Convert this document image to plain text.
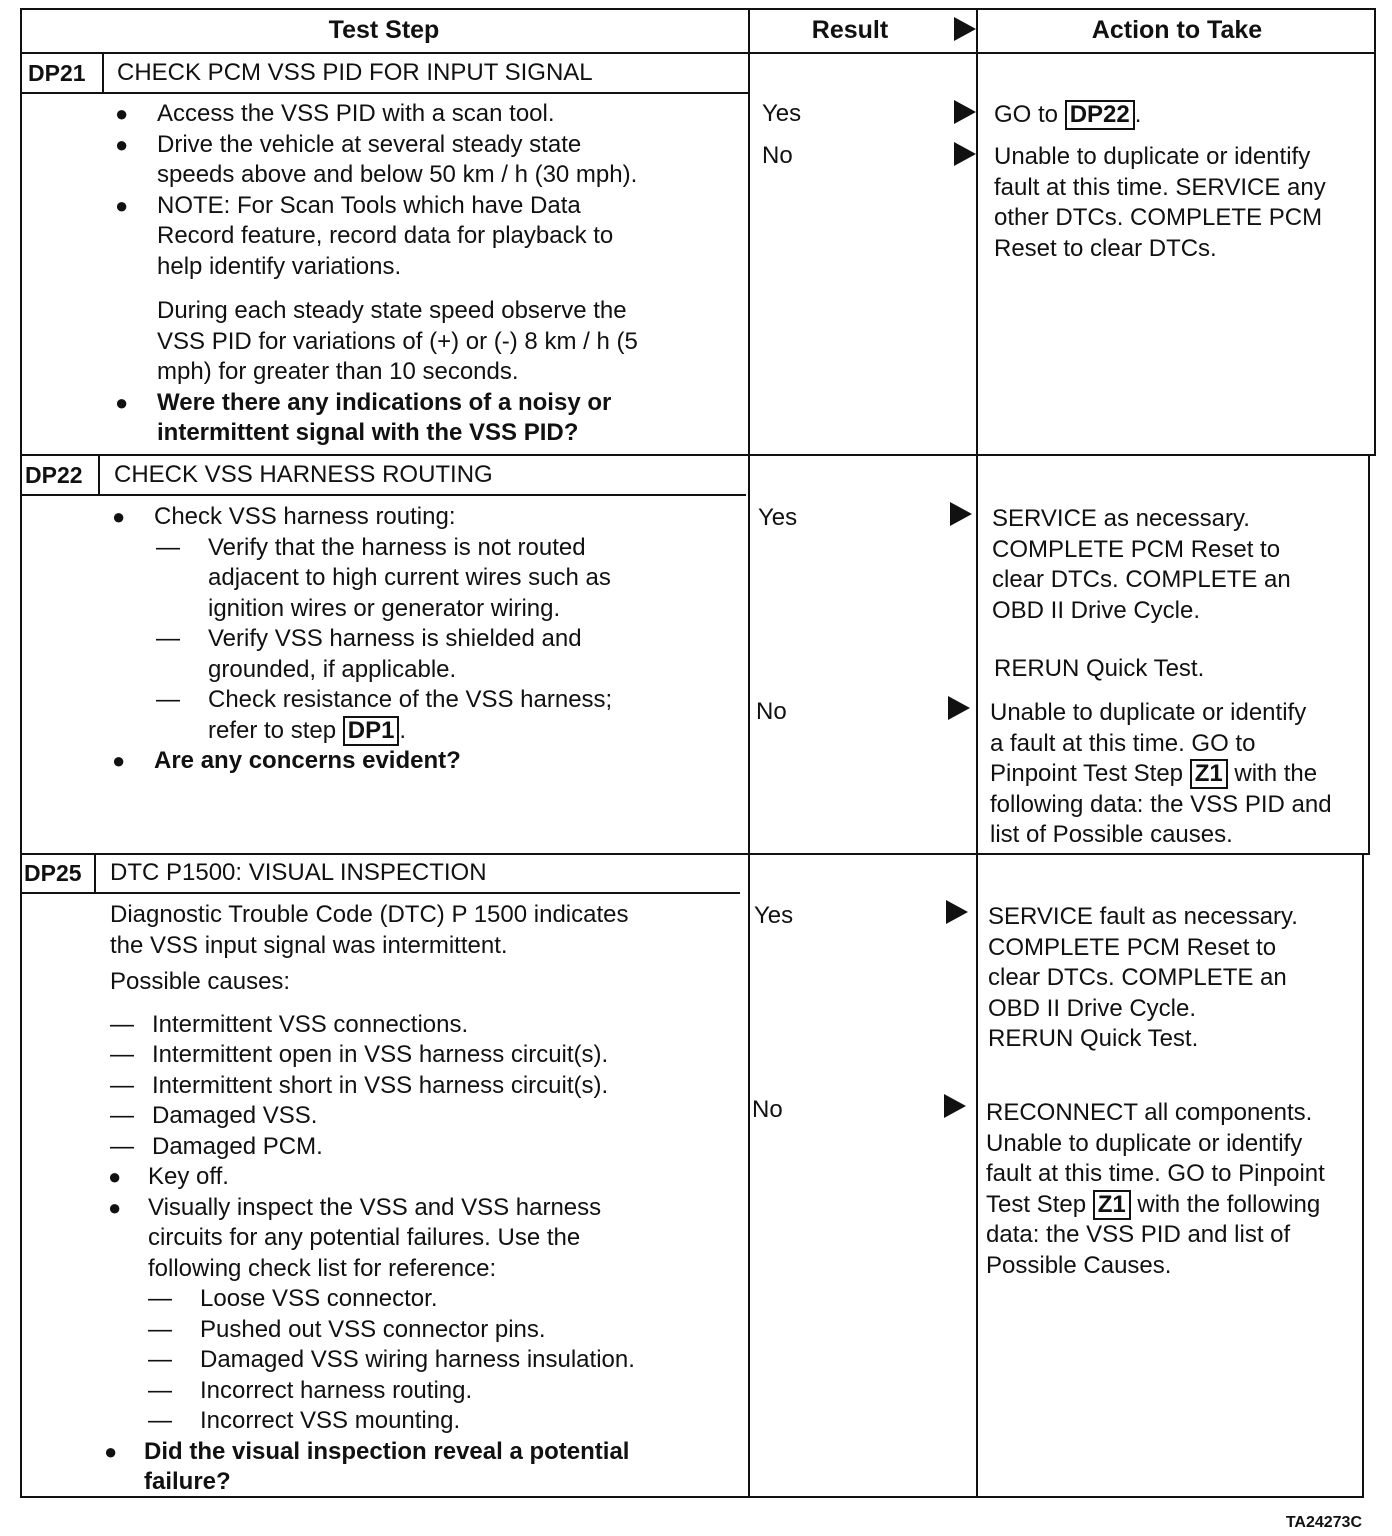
Test Step	Result	Action to Take
DP21 CHECK PCM VSS PID FOR INPUT SIGNAL
● Access the VSS PID with a scan tool.
● Drive the vehicle at several steady state
speeds above and below 50 km / h (30 mph).
● NOTE: For Scan Tools which have Data
Record feature, record data for playback to
help identify variations.
During each steady state speed observe the
VSS PID for variations of (+) or (-) 8 km / h (5
mph) for greater than 10 seconds.
● Were there any indications of a noisy or
intermittent signal with the VSS PID?
Yes
No
GO to DP22 .
Unable to duplicate or identify
fault at this time. SERVICE any
other DTCs. COMPLETE PCM
Reset to clear DTCs.
DP22 CHECK VSS HARNESS ROUTING
● Check VSS harness routing:
— Verify that the harness is not routed
adjacent to high current wires such as
ignition wires or generator wiring.
— Verify VSS harness is shielded and
grounded, if applicable.
— Check resistance of the VSS harness;
refer to step DP1 .
● Are any concerns evident?
Yes
No
SERVICE as necessary.
COMPLETE PCM Reset to
clear DTCs. COMPLETE an
OBD II Drive Cycle.
RERUN Quick Test.
Unable to duplicate or identify
a fault at this time. GO to
Pinpoint Test Step Z1 with the
following data: the VSS PID and
list of Possible causes.
DP25 DTC P1500: VISUAL INSPECTION
Diagnostic Trouble Code (DTC) P 1500 indicates
the VSS input signal was intermittent.
Possible causes:
— Intermittent VSS connections.
— Intermittent open in VSS harness circuit(s).
— Intermittent short in VSS harness circuit(s).
— Damaged VSS.
— Damaged PCM.
● Key off.
● Visually inspect the VSS and VSS harness
circuits for any potential failures. Use the
following check list for reference:
— Loose VSS connector.
— Pushed out VSS connector pins.
— Damaged VSS wiring harness insulation.
— Incorrect harness routing.
— Incorrect VSS mounting.
● Did the visual inspection reveal a potential
failure?
Yes
No
SERVICE fault as necessary.
COMPLETE PCM Reset to
clear DTCs. COMPLETE an
OBD II Drive Cycle.
RERUN Quick Test.
RECONNECT all components.
Unable to duplicate or identify
fault at this time. GO to Pinpoint
Test Step Z1 with the following
data: the VSS PID and list of
Possible Causes.
TA24273C
